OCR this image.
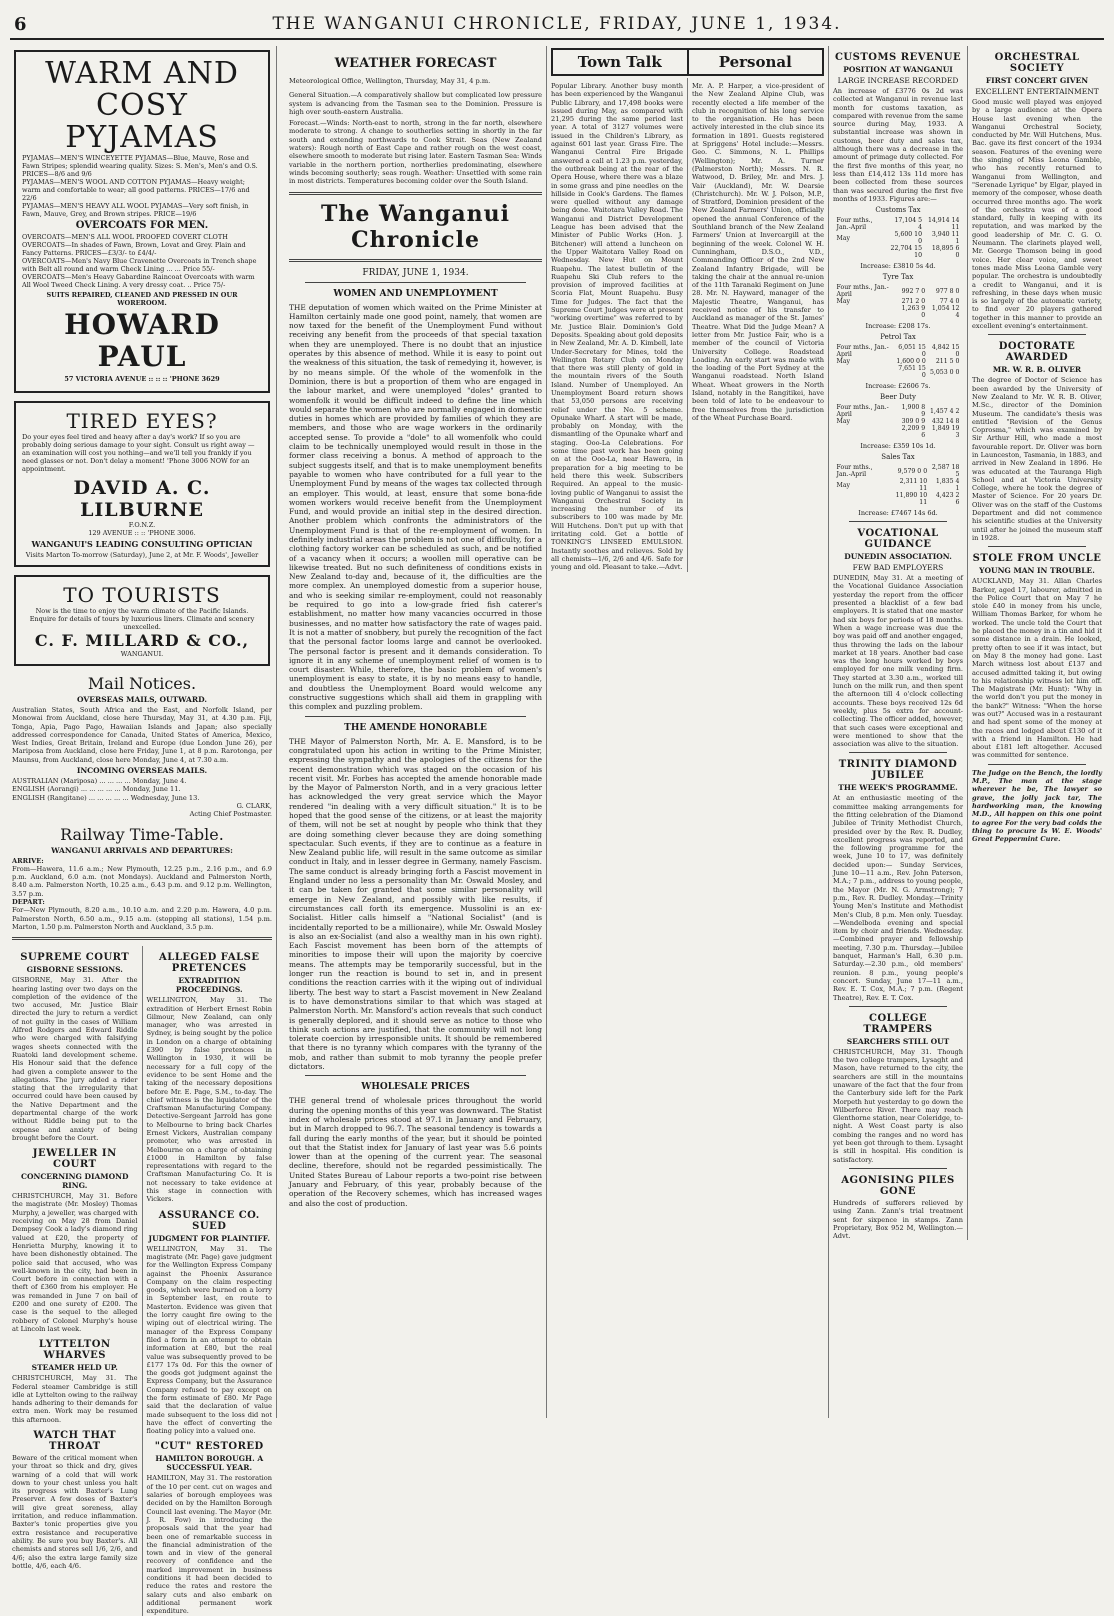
6	THE WANGANUI CHRONICLE, FRIDAY, JUNE 1, 1934.
WARM AND COSY
PYJAMAS
PYJAMAS—MEN'S WINCEYETTE PYJAMAS—Blue, Mauve, Rose and Fawn Stripes; splendid wearing quality. Sizes: S. Men's, Men's and O.S. PRICES—8/6 and 9/6
PYJAMAS—MEN'S WOOL AND COTTON PYJAMAS—Heavy weight; warm and comfortable to wear; all good patterns. PRICES—17/6 and 22/6
PYJAMAS—MEN'S HEAVY ALL WOOL PYJAMAS—Very soft finish, in Fawn, Mauve, Grey, and Brown stripes. PRICE—19/6
OVERCOATS FOR MEN.
OVERCOATS—MEN'S ALL WOOL PROOFED COVERT CLOTH OVERCOATS—In shades of Fawn, Brown, Lovat and Grey. Plain and Fancy Patterns. PRICES—£3/3/- to £4/4/-
OVERCOATS—Men's Navy Blue Cravenette Overcoats in Trench shape with Belt all round and warm Check Lining ... ... Price 55/-
OVERCOATS—Men's Heavy Gabardine Raincoat Overcoats with warm All Wool Tweed Check Lining. A very dressy coat. .. Price 75/-
SUITS REPAIRED, CLEANED AND PRESSED IN OUR WOREROOM.
HOWARD PAUL
57 VICTORIA AVENUE :: :: :: 'PHONE 3629
TIRED EYES?
Do your eyes feel tired and heavy after a day's work? If so you are probably doing serious damage to your sight. Consult us right away —an examination will cost you nothing—and we'll tell you frankly if you need glasses or not. Don't delay a moment! 'Phone 3006 NOW for an appointment.
DAVID A. C. LILBURNE
F.O.N.Z.
129 AVENUE :: :: 'PHONE 3006.
WANGANUI'S LEADING CONSULTING OPTICIAN
Visits Marton To-morrow (Saturday), June 2, at Mr. F. Woods', Jeweller
TO TOURISTS
Now is the time to enjoy the warm climate of the Pacific Islands. Enquire for details of tours by luxurious liners. Climate and scenery unexcelled.
C. F. MILLARD & CO.,
WANGANUI.
Mail Notices.
OVERSEAS MAILS, OUTWARD.
Australian States, South Africa and the East, and Norfolk Island, per Monowai from Auckland, close here Thursday, May 31, at 4.30 p.m. Fiji, Tonga, Apia, Pago Pago, Hawaiian Islands and Japan; also specially addressed correspondence for Canada, United States of America, Mexico, West Indies, Great Britain, Ireland and Europe (due London June 26), per Mariposa from Auckland, close here Friday, June 1, at 8 p.m. Rarotonga, per Maunsu, from Auckland, close here Monday, June 4, at 7.30 a.m.
INCOMING OVERSEAS MAILS.
AUSTRALIAN (Mariposa) ... ... ... ... Monday, June 4.
ENGLISH (Aorangi) ... ... ... ... ... Monday, June 11.
ENGLISH (Rangitane) ... ... ... ... ... Wednesday, June 13.
G. CLARK,
Acting Chief Postmaster.
Railway Time-Table.
WANGANUI ARRIVALS AND DEPARTURES:
ARRIVE:
From—Hawera, 11.6 a.m.; New Plymouth, 12.25 p.m., 2.16 p.m., and 6.9 p.m. Auckland, 6.0 a.m. (not Mondays). Auckland and Palmerston North, 8.40 a.m. Palmerston North, 10.25 a.m., 6.43 p.m. and 9.12 p.m. Wellington, 3.57 p.m.
DEPART:
For—New Plymouth, 8.20 a.m., 10.10 a.m. and 2.20 p.m. Hawera, 4.0 p.m. Palmerston North, 6.50 a.m., 9.15 a.m. (stopping all stations), 1.54 p.m. Marton, 1.50 p.m. Palmerston North and Auckland, 3.5 p.m.
SUPREME COURT
GISBORNE SESSIONS.
GISBORNE, May 31. After the hearing lasting over two days on the completion of the evidence of the two accused, Mr. Justice Blair directed the jury to return a verdict of not guilty in the cases of William Alfred Rodgers and Edward Riddle who were charged with falsifying wages sheets connected with the Ruatoki land development scheme. His Honour said that the defence had given a complete answer to the allegations. The jury added a rider stating that the irregularity that occurred could have been caused by the Native Department and the departmental charge of the work without Riddle being put to the expense and anxiety of being brought before the Court.
JEWELLER IN COURT
CONCERNING DIAMOND RING.
CHRISTCHURCH, May 31. Before the magistrate (Mr. Mosley) Thomas Murphy, a jeweller, was charged with receiving on May 28 from Daniel Dempsey Cook a lady's diamond ring valued at £20, the property of Henrietta Murphy, knowing it to have been dishonestly obtained. The police said that accused, who was well-known in the city, had been in Court before in connection with a theft of £360 from his employer. He was remanded in June 7 on bail of £200 and one surety of £200. The case is the sequel to the alleged robbery of Colonel Murphy's house at Lincoln last week.
LYTTELTON WHARVES
STEAMER HELD UP.
CHRISTCHURCH, May 31. The Federal steamer Cambridge is still idle at Lyttelton owing to the railway hands adhering to their demands for extra men. Work may be resumed this afternoon.
WATCH THAT THROAT
Beware of the critical moment when your throat so thick and dry, gives warning of a cold that will work down to your chest unless you halt its progress with Baxter's Lung Preserver. A few doses of Baxter's will give great soreness, allay irritation, and reduce inflammation. Baxter's tonic properties give you extra resistance and recuperative ability. Be sure you buy Baxter's. All chemists and stores sell 1/6, 2/6, and 4/6; also the extra large family size bottle, 4/6, each 4/6.
ALLEGED FALSE PRETENCES
EXTRADITION PROCEEDINGS.
WELLINGTON, May 31. The extradition of Herbert Ernest Robin Gilmour, New Zealand, can only manager, who was arrested in Sydney, is being sought by the police in London on a charge of obtaining £390 by false pretences in Wellington in 1930, it will be necessary for a full copy of the evidence to be sent Home and the taking of the necessary depositions before Mr. E. Page, S.M., to-day. The chief witness is the liquidator of the Craftsman Manufacturing Company. Detective-Sergeant Jarrold has gone to Melbourne to bring back Charles Ernest Vickers, Australian company promoter, who was arrested in Melbourne on a charge of obtaining £1000 in Hamilton by false representations with regard to the Craftsman Manufacturing Co. It is not necessary to take evidence at this stage in connection with Vickers.
ASSURANCE CO. SUED
JUDGMENT FOR PLAINTIFF.
WELLINGTON, May 31. The magistrate (Mr. Page) gave judgment for the Wellington Express Company against the Phoenix Assurance Company on the claim respecting goods, which were burned on a lorry in September last, en route to Masterton. Evidence was given that the lorry caught fire owing to the wiping out of electrical wiring. The manager of the Express Company filed a form in an attempt to obtain information at £80, but the real value was subsequently proved to be £177 17s 0d. For this the owner of the goods got judgment against the Express Company, but the Assurance Company refused to pay except on the form estimate of £80. Mr Page said that the declaration of value made subsequent to the loss did not have the effect of converting the floating policy into a valued one.
"CUT" RESTORED
HAMILTON BOROUGH. A SUCCESSFUL YEAR.
HAMILTON, May 31. The restoration of the 10 per cent. cut on wages and salaries of borough employees was decided on by the Hamilton Borough Council last evening. The Mayor (Mr. J. R. Fow) in introducing the proposals said that the year had been one of remarkable success in the financial administration of the town and in view of the general recovery of confidence and the marked improvement in business conditions it had been decided to reduce the rates and restore the salary cuts and also embark on additional permanent work expenditure.
WEATHER FORECAST
Meteorological Office, Wellington, Thursday, May 31, 4 p.m.
General Situation.—A comparatively shallow but complicated low pressure system is advancing from the Tasman sea to the Dominion. Pressure is high over south-eastern Australia.
Forecast.—Winds: North-east to north, strong in the far north, elsewhere moderate to strong. A change to southerlies setting in shortly in the far south and extending northwards to Cook Strait. Seas (New Zealand waters): Rough north of East Cape and rather rough on the west coast, elsewhere smooth to moderate but rising later. Eastern Tasman Sea: Winds variable in the northern portion, northerlies predominating, elsewhere winds becoming southerly; seas rough. Weather: Unsettled with some rain in most districts. Temperatures becoming colder over the South Island.
The Wanganui Chronicle
FRIDAY, JUNE 1, 1934.
WOMEN AND UNEMPLOYMENT
THE deputation of women which waited on the Prime Minister at Hamilton certainly made one good point, namely, that women are now taxed for the benefit of the Unemployment Fund without receiving any benefit from the proceeds of that special taxation when they are unemployed. There is no doubt that an injustice operates by this absence of method. While it is easy to point out the weakness of this situation, the task of remedying it, however, is by no means simple. Of the whole of the womenfolk in the Dominion, there is but a proportion of them who are engaged in the labour market, and were unemployed "doles" granted to womenfolk it would be difficult indeed to define the line which would separate the women who are normally engaged in domestic duties in homes which are provided by families of which they are members, and those who are wage workers in the ordinarily accepted sense. To provide a "dole" to all womenfolk who could claim to be technically unemployed would result in those in the former class receiving a bonus. A method of approach to the subject suggests itself, and that is to make unemployment benefits payable to women who have contributed for a full year to the Unemployment Fund by means of the wages tax collected through an employer. This would, at least, ensure that some bona-fide women workers would receive benefit from the Unemployment Fund, and would provide an initial step in the desired direction. Another problem which confronts the administrators of the Unemployment Fund is that of the re-employment of women. In definitely industrial areas the problem is not one of difficulty, for a clothing factory worker can be scheduled as such, and be notified of a vacancy when it occurs; a woollen mill operative can be likewise treated. But no such definiteness of conditions exists in New Zealand to-day and, because of it, the difficulties are the more complex. An unemployed domestic from a superior house, and who is seeking similar re-employment, could not reasonably be required to go into a low-grade fried fish caterer's establishment, no matter how many vacancies occurred in those businesses, and no matter how satisfactory the rate of wages paid. It is not a matter of snobbery, but purely the recognition of the fact that the personal factor looms large and cannot be overlooked. The personal factor is present and it demands consideration. To ignore it in any scheme of unemployment relief of women is to court disaster. While, therefore, the basic problem of women's unemployment is easy to state, it is by no means easy to handle, and doubtless the Unemployment Board would welcome any constructive suggestions which shall aid them in grappling with this complex and puzzling problem.
THE AMENDE HONORABLE
THE Mayor of Palmerston North, Mr. A. E. Mansford, is to be congratulated upon his action in writing to the Prime Minister, expressing the sympathy and the apologies of the citizens for the recent demonstration which was staged on the occasion of his recent visit. Mr. Forbes has accepted the amende honorable made by the Mayor of Palmerston North, and in a very gracious letter has acknowledged the very great service which the Mayor rendered "in dealing with a very difficult situation." It is to be hoped that the good sense of the citizens, or at least the majority of them, will not be set at nought by people who think that they are doing something clever because they are doing something spectacular. Such events, if they are to continue as a feature in New Zealand public life, will result in the same outcome as similar conduct in Italy, and in lesser degree in Germany, namely Fascism. The same conduct is already bringing forth a Fascist movement in England under no less a personality than Mr. Oswald Mosley, and it can be taken for granted that some similar personality will emerge in New Zealand, and possibly with like results, if circumstances call forth its emergence. Mussolini is an ex-Socialist. Hitler calls himself a "National Socialist" (and is incidentally reported to be a millionaire), while Mr. Oswald Mosley is also an ex-Socialist (and also a wealthy man in his own right). Each Fascist movement has been born of the attempts of minorities to impose their will upon the majority by coercive means. The attempts may be temporarily successful, but in the longer run the reaction is bound to set in, and in present conditions the reaction carries with it the wiping out of individual liberty. The best way to start a Fascist movement in New Zealand is to have demonstrations similar to that which was staged at Palmerston North. Mr. Mansford's action reveals that such conduct is generally deplored, and it should serve as notice to those who think such actions are justified, that the community will not long tolerate coercion by irresponsible units. It should be remembered that there is no tyranny which compares with the tyranny of the mob, and rather than submit to mob tyranny the people prefer dictators.
WHOLESALE PRICES
THE general trend of wholesale prices throughout the world during the opening months of this year was downward. The Statist index of wholesale prices stood at 97.1 in January and February, but in March dropped to 96.7. The seasonal tendency is towards a fall during the early months of the year, but it should be pointed out that the Statist index for January of last year was 5.6 points lower than at the opening of the current year. The seasonal decline, therefore, should not be regarded pessimistically. The United States Bureau of Labour reports a two-point rise between January and February, of this year, probably because of the operation of the Recovery schemes, which has increased wages and also the cost of production.
Town Talk	Personal
Popular Library. Another busy month has been experienced by the Wanganui Public Library, and 17,498 books were issued during May, as compared with 21,295 during the same period last year. A total of 3127 volumes were issued in the Children's Library, as against 601 last year. Grass Fire. The Wanganui Central Fire Brigade answered a call at 1.23 p.m. yesterday, the outbreak being at the rear of the Opera House, where there was a blaze in some grass and pine needles on the hillside in Cook's Gardens. The flames were quelled without any damage being done. Waitotara Valley Road. The Wanganui and District Development League has been advised that the Minister of Public Works (Hon. J. Bitchener) will attend a luncheon on the Upper Waitotara Valley Road on Wednesday. New Hut on Mount Ruapehu. The latest bulletin of the Ruapehu Ski Club refers to the provision of improved facilities at Scoria Flat, Mount Ruapehu. Busy Time for Judges. The fact that the Supreme Court Judges were at present "working overtime" was referred to by Mr. Justice Blair. Dominion's Gold Deposits. Speaking about gold deposits in New Zealand, Mr. A. D. Kimbell, late Under-Secretary for Mines, told the Wellington Rotary Club on Monday that there was still plenty of gold in the mountain rivers of the South Island. Number of Unemployed. An Unemployment Board return shows that 53,050 persons are receiving relief under the No. 5 scheme. Opunake Wharf. A start will be made, probably on Monday, with the dismantling of the Opunake wharf and staging. Ooo-La Celebrations. For some time past work has been going on at the Ooo-La, near Hawera, in preparation for a big meeting to be held there this week. Subscribers Required. An appeal to the music-loving public of Wanganui to assist the Wanganui Orchestral Society in increasing the number of its subscribers to 100 was made by Mr. Will Hutchens. Don't put up with that irritating cold. Get a bottle of TONKING'S LINSEED EMULSION. Instantly soothes and relieves. Sold by all chemists—1/6, 2/6 and 4/6. Safe for young and old. Pleasant to take.—Advt.
Mr. A. P. Harper, a vice-president of the New Zealand Alpine Club, was recently elected a life member of the club in recognition of his long service to the organisation. He has been actively interested in the club since its formation in 1891. Guests registered at Spriggens' Hotel include:—Messrs. Geo. C. Simmons, N. L. Phillips (Wellington); Mr. A. Turner (Palmerston North); Messrs. N. R. Watwood, D. Briley, Mr. and Mrs. J. Vair (Auckland), Mr. W. Dearsie (Christchurch). Mr. W. J. Polson, M.P., of Stratford, Dominion president of the New Zealand Farmers' Union, officially opened the annual Conference of the Southland branch of the New Zealand Farmers' Union at Invercargill at the beginning of the week. Colonel W. H. Cunningham, D.S.O., V.D., Commanding Officer of the 2nd New Zealand Infantry Brigade, will be taking the chair at the annual re-union of the 11th Taranaki Regiment on June 28. Mr. N. Hayward, manager of the Majestic Theatre, Wanganui, has received notice of his transfer to Auckland as manager of the St. James' Theatre. What Did the Judge Mean? A letter from Mr. Justice Fair, who is a member of the council of Victoria University College. Roadstead Loading. An early start was made with the loading of the Port Sydney at the Wanganui roadstead. North Island Wheat. Wheat growers in the North Island, notably in the Rangitikei, have been told of late to be endeavour to free themselves from the jurisdiction of the Wheat Purchase Board.
CUSTOMS REVENUE
POSITION AT WANGANUI
LARGE INCREASE RECORDED
An increase of £3776 0s 2d was collected at Wanganui in revenue last month for customs taxation, as compared with revenue from the same source during May, 1933. A substantial increase was shown in customs, beer duty and sales tax, although there was a decrease in the amount of primage duty collected. For the first five months of this year, no less than £14,412 13s 11d more has been collected from these sources than was secured during the first five months of 1933. Figures are:—
Customs Tax
Four mths., Jan.-April	17,104 5 4	14,914 14 11
May	5,600 10 0	3,940 11 1
	22,704 15 10	18,895 6 0
Increase: £3810 5s 4d.
Tyre Tax
Four mths., Jan.-April	992 7 0	977 8 0
May	271 2 0	77 4 0
	1,263 9 0	1,054 12 4
Increase: £208 17s.
Petrol Tax
Four mths., Jan.-April	6,051 15 0	4,842 15 0
May	1,600 0 0	211 5 0
	7,651 15 0	5,053 0 0
Increase: £2606 7s.
Beer Duty
Four mths., Jan.-April	1,900 8 9	1,457 4 2
May	309 0 9	432 14 8
	2,209 9 6	1,849 19 3
Increase: £359 10s 1d.
Sales Tax
Four mths., Jan.-April	9,579 0 0	2,587 18 5
May	2,311 10 11	1,835 4 1
	11,890 10 11	4,423 2 6
Increase: £7467 14s 6d.
VOCATIONAL GUIDANCE
DUNEDIN ASSOCIATION.
FEW BAD EMPLOYERS
DUNEDIN, May 31. At a meeting of the Vocational Guidance Association yesterday the report from the officer presented a blacklist of a few bad employers. It is stated that one master had six boys for periods of 18 months. When a wage increase was due the boy was paid off and another engaged, thus throwing the lads on the labour market at 18 years. Another bad case was the long hours worked by boys employed for one milk vending firm. They started at 3.30 a.m., worked till lunch on the milk run, and then spent the afternoon till 4 o'clock collecting accounts. These boys received 12s 6d weekly, plus 5s extra for account-collecting. The officer added, however, that such cases were exceptional and were mentioned to show that the association was alive to the situation.
TRINITY DIAMOND JUBILEE
THE WEEK'S PROGRAMME.
At an enthusiastic meeting of the committee making arrangements for the fitting celebration of the Diamond Jubilee of Trinity Methodist Church, presided over by the Rev. R. Dudley, excellent progress was reported, and the following programme for the week, June 10 to 17, was definitely decided upon:— Sunday Services, June 10—11 a.m., Rev. John Paterson, M.A.; 7 p.m., address to young people, the Mayor (Mr. N. G. Armstrong); 7 p.m., Rev. R. Dudley. Monday.—Trinity Young Men's Institute and Methodist Men's Club, 8 p.m. Men only. Tuesday.—Wendelboda evening and special item by choir and friends. Wednesday.—Combined prayer and fellowship meeting, 7.30 p.m. Thursday.—Jubilee banquet, Harman's Hall, 6.30 p.m. Saturday.—2.30 p.m., old members' reunion. 8 p.m., young people's concert. Sunday, June 17—11 a.m., Rev. E. T. Cox, M.A.; 7 p.m. (Regent Theatre), Rev. E. T. Cox.
COLLEGE TRAMPERS
SEARCHERS STILL OUT
CHRISTCHURCH, May 31. Though the two college trampers, Lysaght and Mason, have returned to the city, the searchers are still in the mountains unaware of the fact that the four from the Canterbury side left for the Park Morpeth hut yesterday to go down the Wilberforce River. There may reach Glenthorne station, near Coleridge, to-night. A West Coast party is also combing the ranges and no word has yet been got through to them. Lysaght is still in hospital. His condition is satisfactory.
AGONISING PILES GONE
Hundreds of sufferers relieved by using Zann. Zann's trial treatment sent for sixpence in stamps. Zann Proprietary, Box 952 M, Wellington.—Advt.
ORCHESTRAL SOCIETY
FIRST CONCERT GIVEN
EXCELLENT ENTERTAINMENT
Good music well played was enjoyed by a large audience at the Opera House last evening when the Wanganui Orchestral Society, conducted by Mr. Will Hutchens, Mus. Bac. gave its first concert of the 1934 season. Features of the evening were the singing of Miss Leona Gamble, who has recently returned to Wanganui from Wellington, and "Serenade Lyrique" by Elgar, played in memory of the composer, whose death occurred three months ago. The work of the orchestra was of a good standard, fully in keeping with its reputation, and was marked by the good leadership of Mr. C. G. O. Neumann. The clarinets played well, Mr. George Thomson being in good voice. Her clear voice, and sweet tones made Miss Leona Gamble very popular. The orchestra is undoubtedly a credit to Wanganui, and it is refreshing, in these days when music is so largely of the automatic variety, to find over 20 players gathered together in this manner to provide an excellent evening's entertainment.
DOCTORATE AWARDED
MR. W. R. B. OLIVER
The degree of Doctor of Science has been awarded by the University of New Zealand to Mr. W. R. B. Oliver, M.Sc., director of the Dominion Museum. The candidate's thesis was entitled "Revision of the Genus Coprosma," which was examined by Sir Arthur Hill, who made a most favourable report. Dr. Oliver was born in Launceston, Tasmania, in 1883, and arrived in New Zealand in 1896. He was educated at the Tauranga High School and at Victoria University College, where he took the degree of Master of Science. For 20 years Dr. Oliver was on the staff of the Customs Department and did not commence his scientific studies at the University until after he joined the museum staff in 1928.
STOLE FROM UNCLE
YOUNG MAN IN TROUBLE.
AUCKLAND, May 31. Allan Charles Barker, aged 17, labourer, admitted in the Police Court that on May 7 he stole £40 in money from his uncle, William Thomas Barker, for whom he worked. The uncle told the Court that he placed the money in a tin and hid it some distance in a drain. He looked, pretty often to see if it was intact, but on May 8 the money had gone. Last March witness lost about £137 and accused admitted taking it, but owing to his relationship witness let him off. The Magistrate (Mr. Hunt): "Why in the world don't you put the money in the bank?" Witness: "When the horse was out?" Accused was in a restaurant and had spent some of the money at the races and lodged about £130 of it with a friend in Hamilton. He had about £181 left altogether. Accused was committed for sentence.
The Judge on the Bench, the lordly M.P., The man at the stage wherever he be, The lawyer so grave, the jolly jack tar, The hardworking man, the knowing M.D., All happen on this one point to agree For the very bad colds the thing to procure Is W. E. Woods' Great Peppermint Cure.
